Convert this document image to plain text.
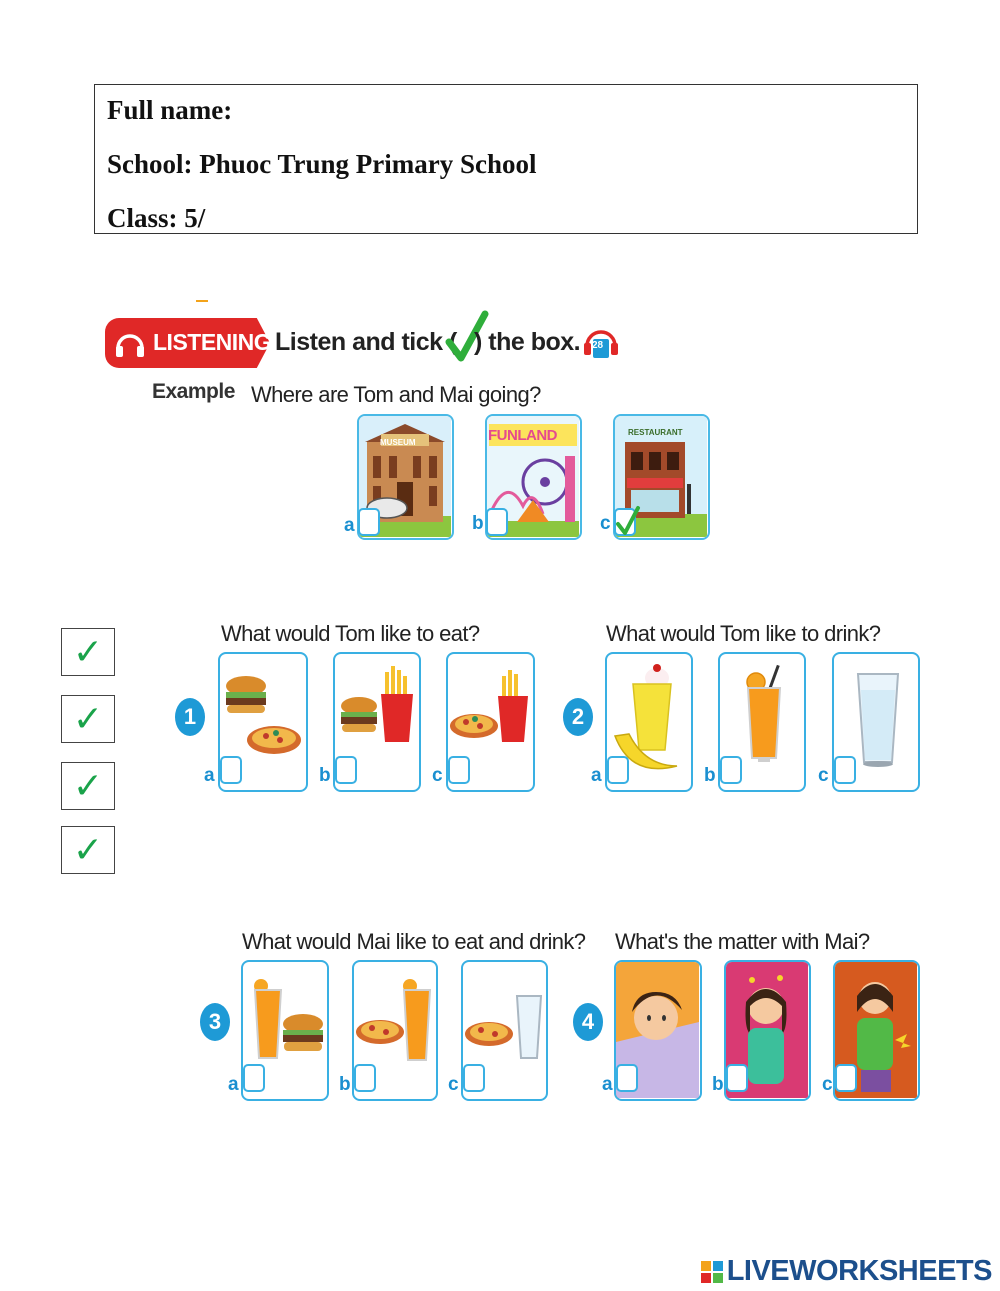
Full name:
School: Phuoc Trung Primary School
Class: 5/
LISTENING Listen and tick ( ) the box. 28
Example Where are Tom and Mai going?
a
MUSEUM
b
FUNLAND
c
RESTAURANT
✓
✓
✓
✓
What would Tom like to eat?
1
a	b	c
What would Tom like to drink?
2
a	b	c
What would Mai like to eat and drink?
3
a	b	c
What's the matter with Mai?
4
a	b	c
LIVEWORKSHEETS
